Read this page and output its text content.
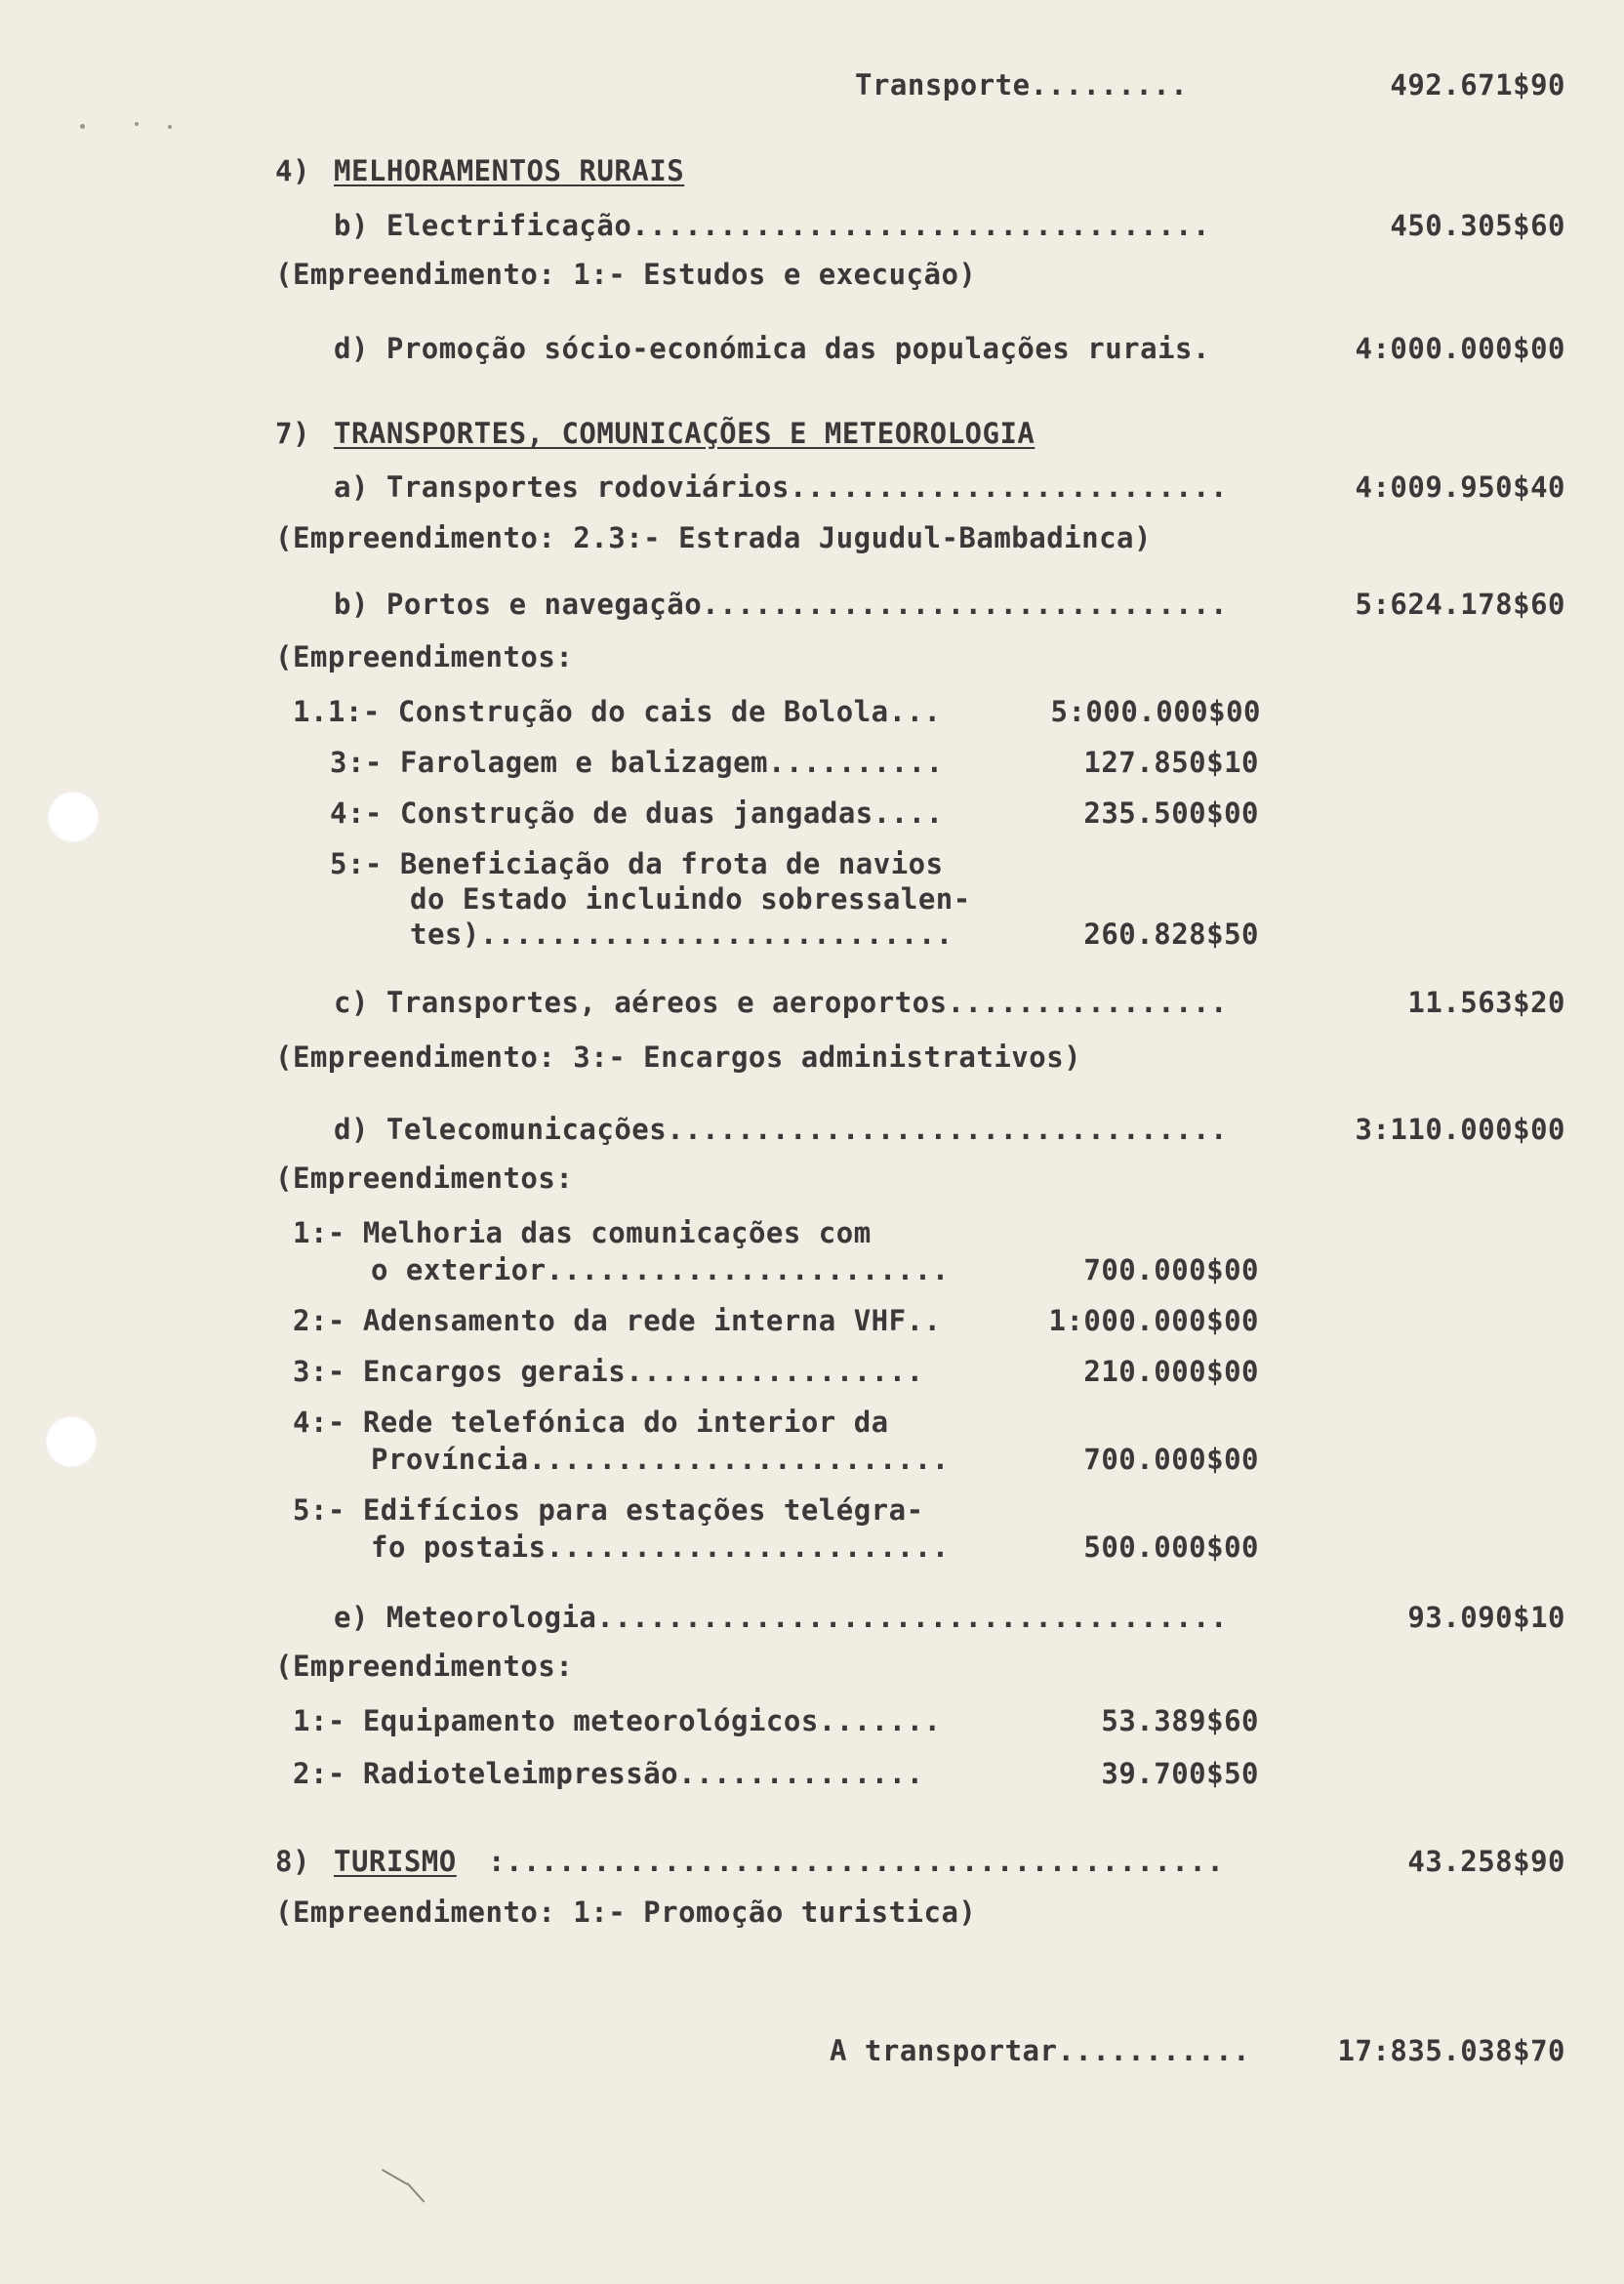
Transporte.........	492.671$90
4) MELHORAMENTOS RURAIS
b) Electrificação.................................	450.305$60
(Empreendimento: 1:- Estudos e execução)
d) Promoção sócio-económica das populações rurais.	4:000.000$00
7) TRANSPORTES, COMUNICAÇÕES E METEOROLOGIA
a) Transportes rodoviários.........................	4:009.950$40
(Empreendimento: 2.3:- Estrada Jugudul-Bambadinca)
b) Portos e navegação..............................	5:624.178$60
(Empreendimentos:
1.1:- Construção do cais de Bolola...	5:000.000$00
3:- Farolagem e balizagem..........	127.850$10
4:- Construção de duas jangadas....	235.500$00
5:- Beneficiação da frota de navios
do Estado incluindo sobressalen-
tes)...........................	260.828$50
c) Transportes, aéreos e aeroportos................	11.563$20
(Empreendimento: 3:- Encargos administrativos)
d) Telecomunicações................................	3:110.000$00
(Empreendimentos:
1:- Melhoria das comunicações com
o exterior.......................	700.000$00
2:- Adensamento da rede interna VHF..	1:000.000$00
3:- Encargos gerais.................	210.000$00
4:- Rede telefónica do interior da
Província........................	700.000$00
5:- Edifícios para estações telégra-
fo postais.......................	500.000$00
e) Meteorologia....................................	93.090$10
(Empreendimentos:
1:- Equipamento meteorológicos.......	53.389$60
2:- Radioteleimpressão..............	39.700$50
8) TURISMO :.........................................	43.258$90
(Empreendimento: 1:- Promoção turistica)
A transportar...........	17:835.038$70
